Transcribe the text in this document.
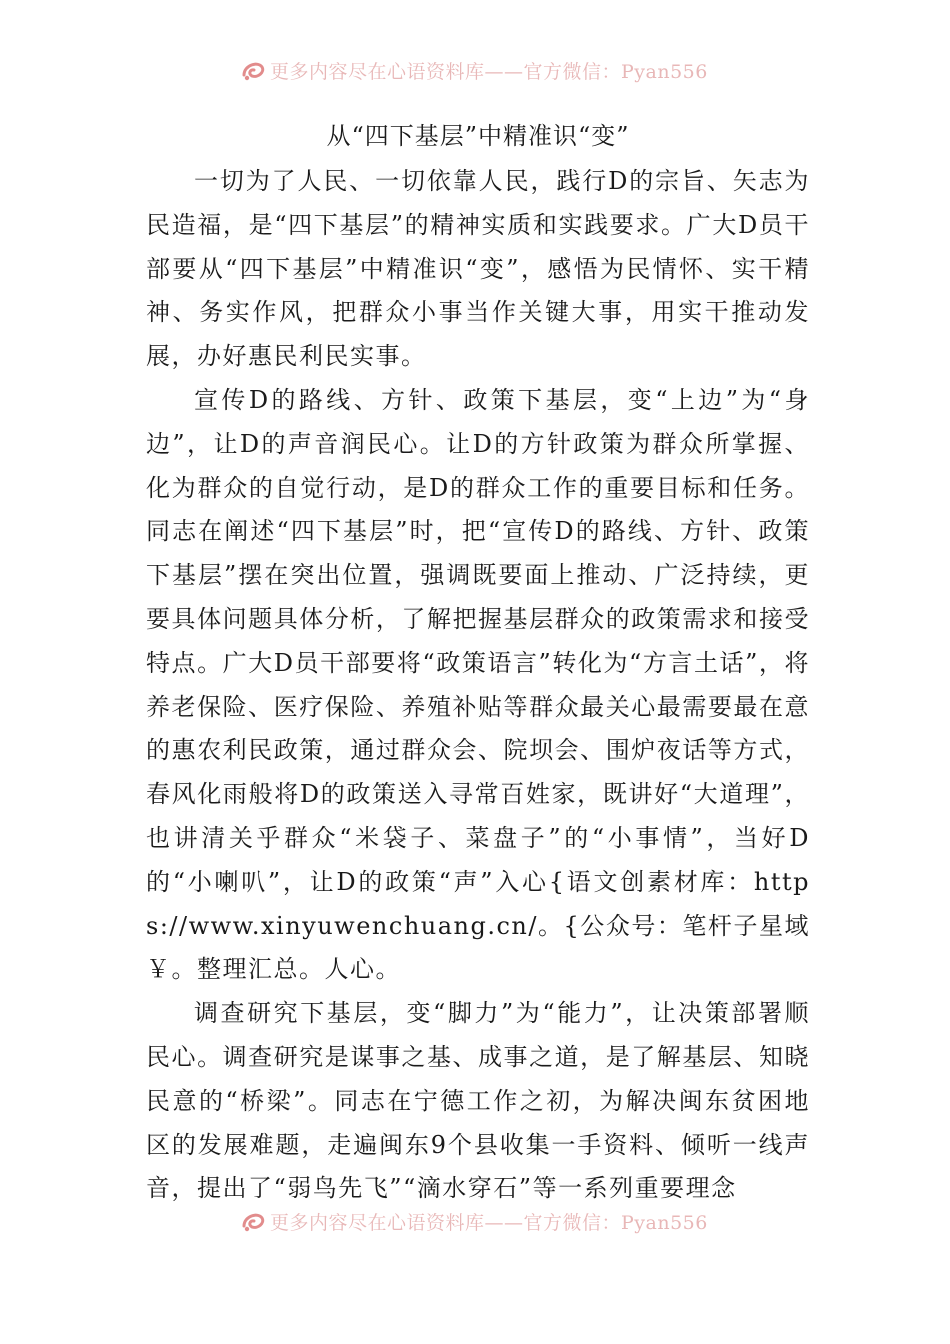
更多内容尽在心语资料库——官方微信：Pyan556
从“四下基层”中精准识“变”

一切为了人民、一切依靠人民，践行D的宗旨、矢志为民造福，是“四下基层”的精神实质和实践要求。广大D员干部要从“四下基层”中精准识“变”，感悟为民情怀、实干精神、务实作风，把群众小事当作关键大事，用实干推动发展，办好惠民利民实事。

宣传D的路线、方针、政策下基层，变“上边”为“身边”，让D的声音润民心。让D的方针政策为群众所掌握、化为群众的自觉行动，是D的群众工作的重要目标和任务。同志在阐述“四下基层”时，把“宣传D的路线、方针、政策下基层”摆在突出位置，强调既要面上推动、广泛持续，更要具体问题具体分析，了解把握基层群众的政策需求和接受特点。广大D员干部要将“政策语言”转化为“方言土话”，将养老保险、医疗保险、养殖补贴等群众最关心最需要最在意的惠农利民政策，通过群众会、院坝会、围炉夜话等方式，春风化雨般将D的政策送入寻常百姓家，既讲好“大道理”，也讲清关乎群众“米袋子、菜盘子”的“小事情”，当好D的“小喇叭”，让D的政策“声”入心{语文创素材库：https://www.xinyuwenchuang.cn/。{公众号：笔杆子星域￥。整理汇总。人心。

调查研究下基层，变“脚力”为“能力”，让决策部署顺民心。调查研究是谋事之基、成事之道，是了解基层、知晓民意的“桥梁”。同志在宁德工作之初，为解决闽东贫困地区的发展难题，走遍闽东9个县收集一手资料、倾听一线声音，提出了“弱鸟先飞”“滴水穿石”等一系列重要理念

更多内容尽在心语资料库——官方微信：Pyan556
